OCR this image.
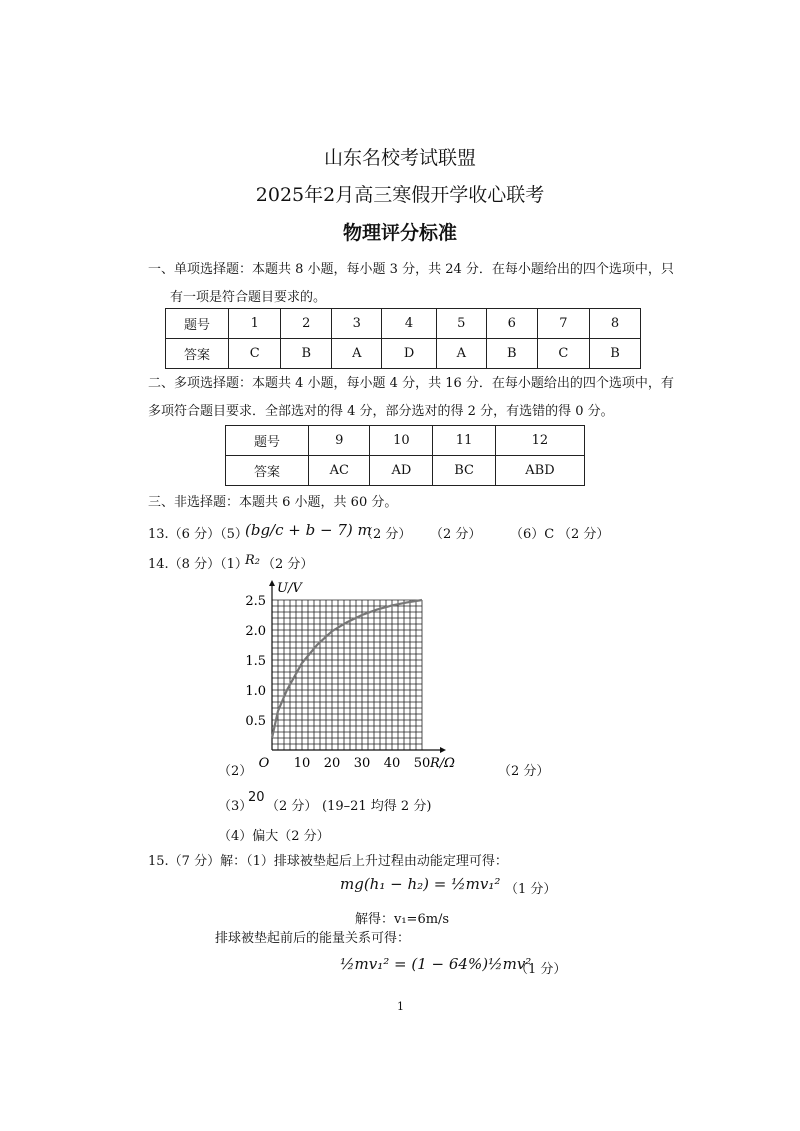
山东名校考试联盟
2025年2月高三寒假开学收心联考
物理评分标准
一、单项选择题：本题共 8 小题，每小题 3 分，共 24 分．在每小题给出的四个选项中，只
有一项是符合题目要求的。
题号	1	2	3	4	5	6	7	8
答案	C	B	A	D	A	B	C	B
二、多项选择题：本题共 4 小题，每小题 4 分，共 16 分．在每小题给出的四个选项中，有
多项符合题目要求．全部选对的得 4 分，部分选对的得 2 分，有选错的得 0 分。
题号	9	10	11	12
答案	AC	AD	BC	ABD
三、非选择题：本题共 6 小题，共 60 分。
13.（6 分）（5）
(bg/c + b − 7) m
（2 分） （2 分） （6）C （2 分）
14.（8 分）（1）
R₂ （2 分）
10 20 30 40 50
0.5
1.0
1.5
2.0
2.5
O	R/Ω
U/V
（2）	（2 分）
（3）
20
（2 分） (19–21 均得 2 分)
（4）偏大（2 分）
15.（7 分）解：（1）排球被垫起后上升过程由动能定理可得：
mg(h₁ − h₂) = ½mv₁² （1 分）
解得：v₁=6m/s
排球被垫起前后的能量关系可得：
½mv₁² = (1 − 64%)½mv²
（1 分）
1
